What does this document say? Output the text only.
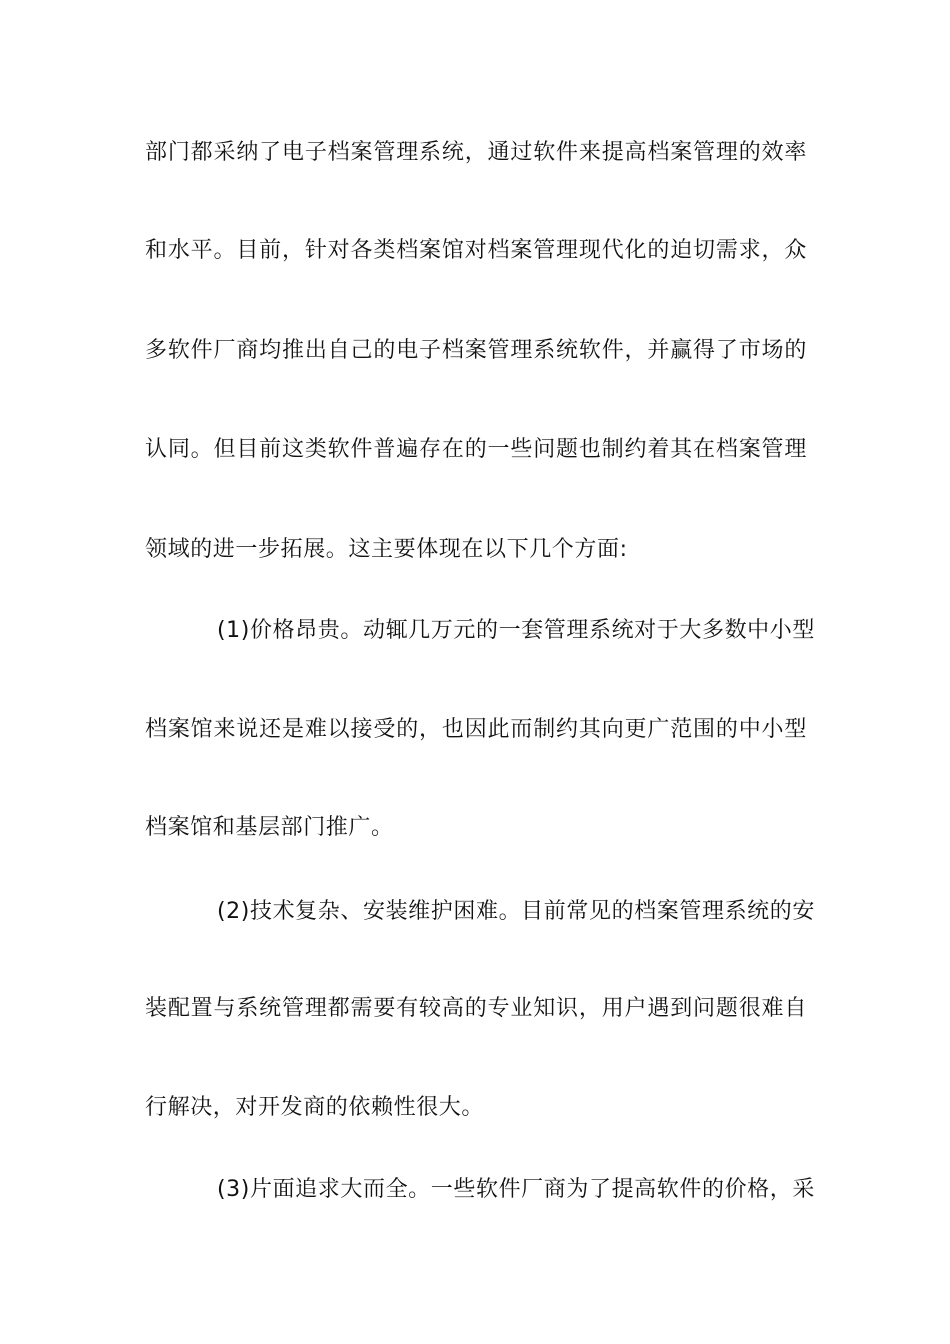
部门都采纳了电子档案管理系统，通过软件来提高档案管理的效率
和水平。目前，针对各类档案馆对档案管理现代化的迫切需求，众
多软件厂商均推出自己的电子档案管理系统软件，并赢得了市场的
认同。但目前这类软件普遍存在的一些问题也制约着其在档案管理
领域的进一步拓展。这主要体现在以下几个方面:
(1)价格昂贵。动辄几万元的一套管理系统对于大多数中小型
档案馆来说还是难以接受的，也因此而制约其向更广范围的中小型
档案馆和基层部门推广。
(2)技术复杂、安装维护困难。目前常见的档案管理系统的安
装配置与系统管理都需要有较高的专业知识，用户遇到问题很难自
行解决，对开发商的依赖性很大。
(3)片面追求大而全。一些软件厂商为了提高软件的价格，采
